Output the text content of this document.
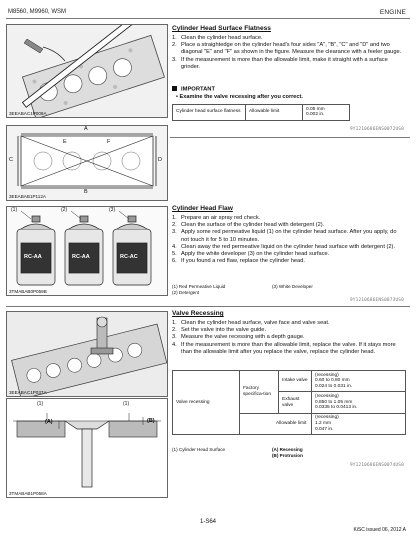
M8560, M9960, WSM	ENGINE
3EEABAC1P009A
A
B
C	D
E	F
3EEABAB1P112A
Cylinder Head Surface Flatness
1. Clean the cylinder head surface.
2. Place a straightedge on the cylinder head's four sides "A", "B", "C" and "D" and two diagonal "E" and "F" as shown in the figure. Measure the clearance with a feeler gauge.
3. If the measurement is more than the allowable limit, make it straight with a surface grinder.
IMPORTANT
• Examine the valve recessing after you correct.
Cylinder head surface flatness	Allowable limit	0.05 mm
0.002 in.
9Y1210686ENS0072US0
(1)	(2)	(3)
RC-AA	RC-AA	RC-AC
3TMABAB0P059B
Cylinder Head Flaw
1. Prepare an air spray red check.
2. Clean the surface of the cylinder head with detergent (2).
3. Apply some red permeative liquid (1) on the cylinder head surface. After you apply, do not touch it for 5 to 10 minutes.
4. Clean away the red permeative liquid on the cylinder head surface with detergent (2).
5. Apply the white developer (3) on the cylinder head surface.
6. If you found a red flaw, replace the cylinder head.
(1) Red Permeative Liquid
(2) Detergent
(3) White Developer
9Y1210686ENS0073US0
3EEABAC1P037A
(1)	(1)
(A)	(B)
3TMABAB1P058A
Valve Recessing
1. Clean the cylinder head surface, valve face and valve seat.
2. Set the valve into the valve guide.
3. Measure the valve recessing with a depth gauge.
4. If the measurement is more than the allowable limit, replace the valve. If it stays more than the allowable limit after you replace the valve, replace the cylinder head.
Valve recessing	Factory specifica-tion	Intake valve	(recessing)
0.60 to 0.80 mm
0.024 to 0.031 in.
		Exhaust valve	(recessing)
0.850 to 1.05 mm
0.0335 to 0.0413 in.
	Allowable limit		(recessing)
1.2 mm
0.047 in.
(1) Cylinder Head Surface	(A) Recessing
(B) Protrusion
9Y1210686ENS0074US0
1-S64
KiSC issued 06, 2012 A
